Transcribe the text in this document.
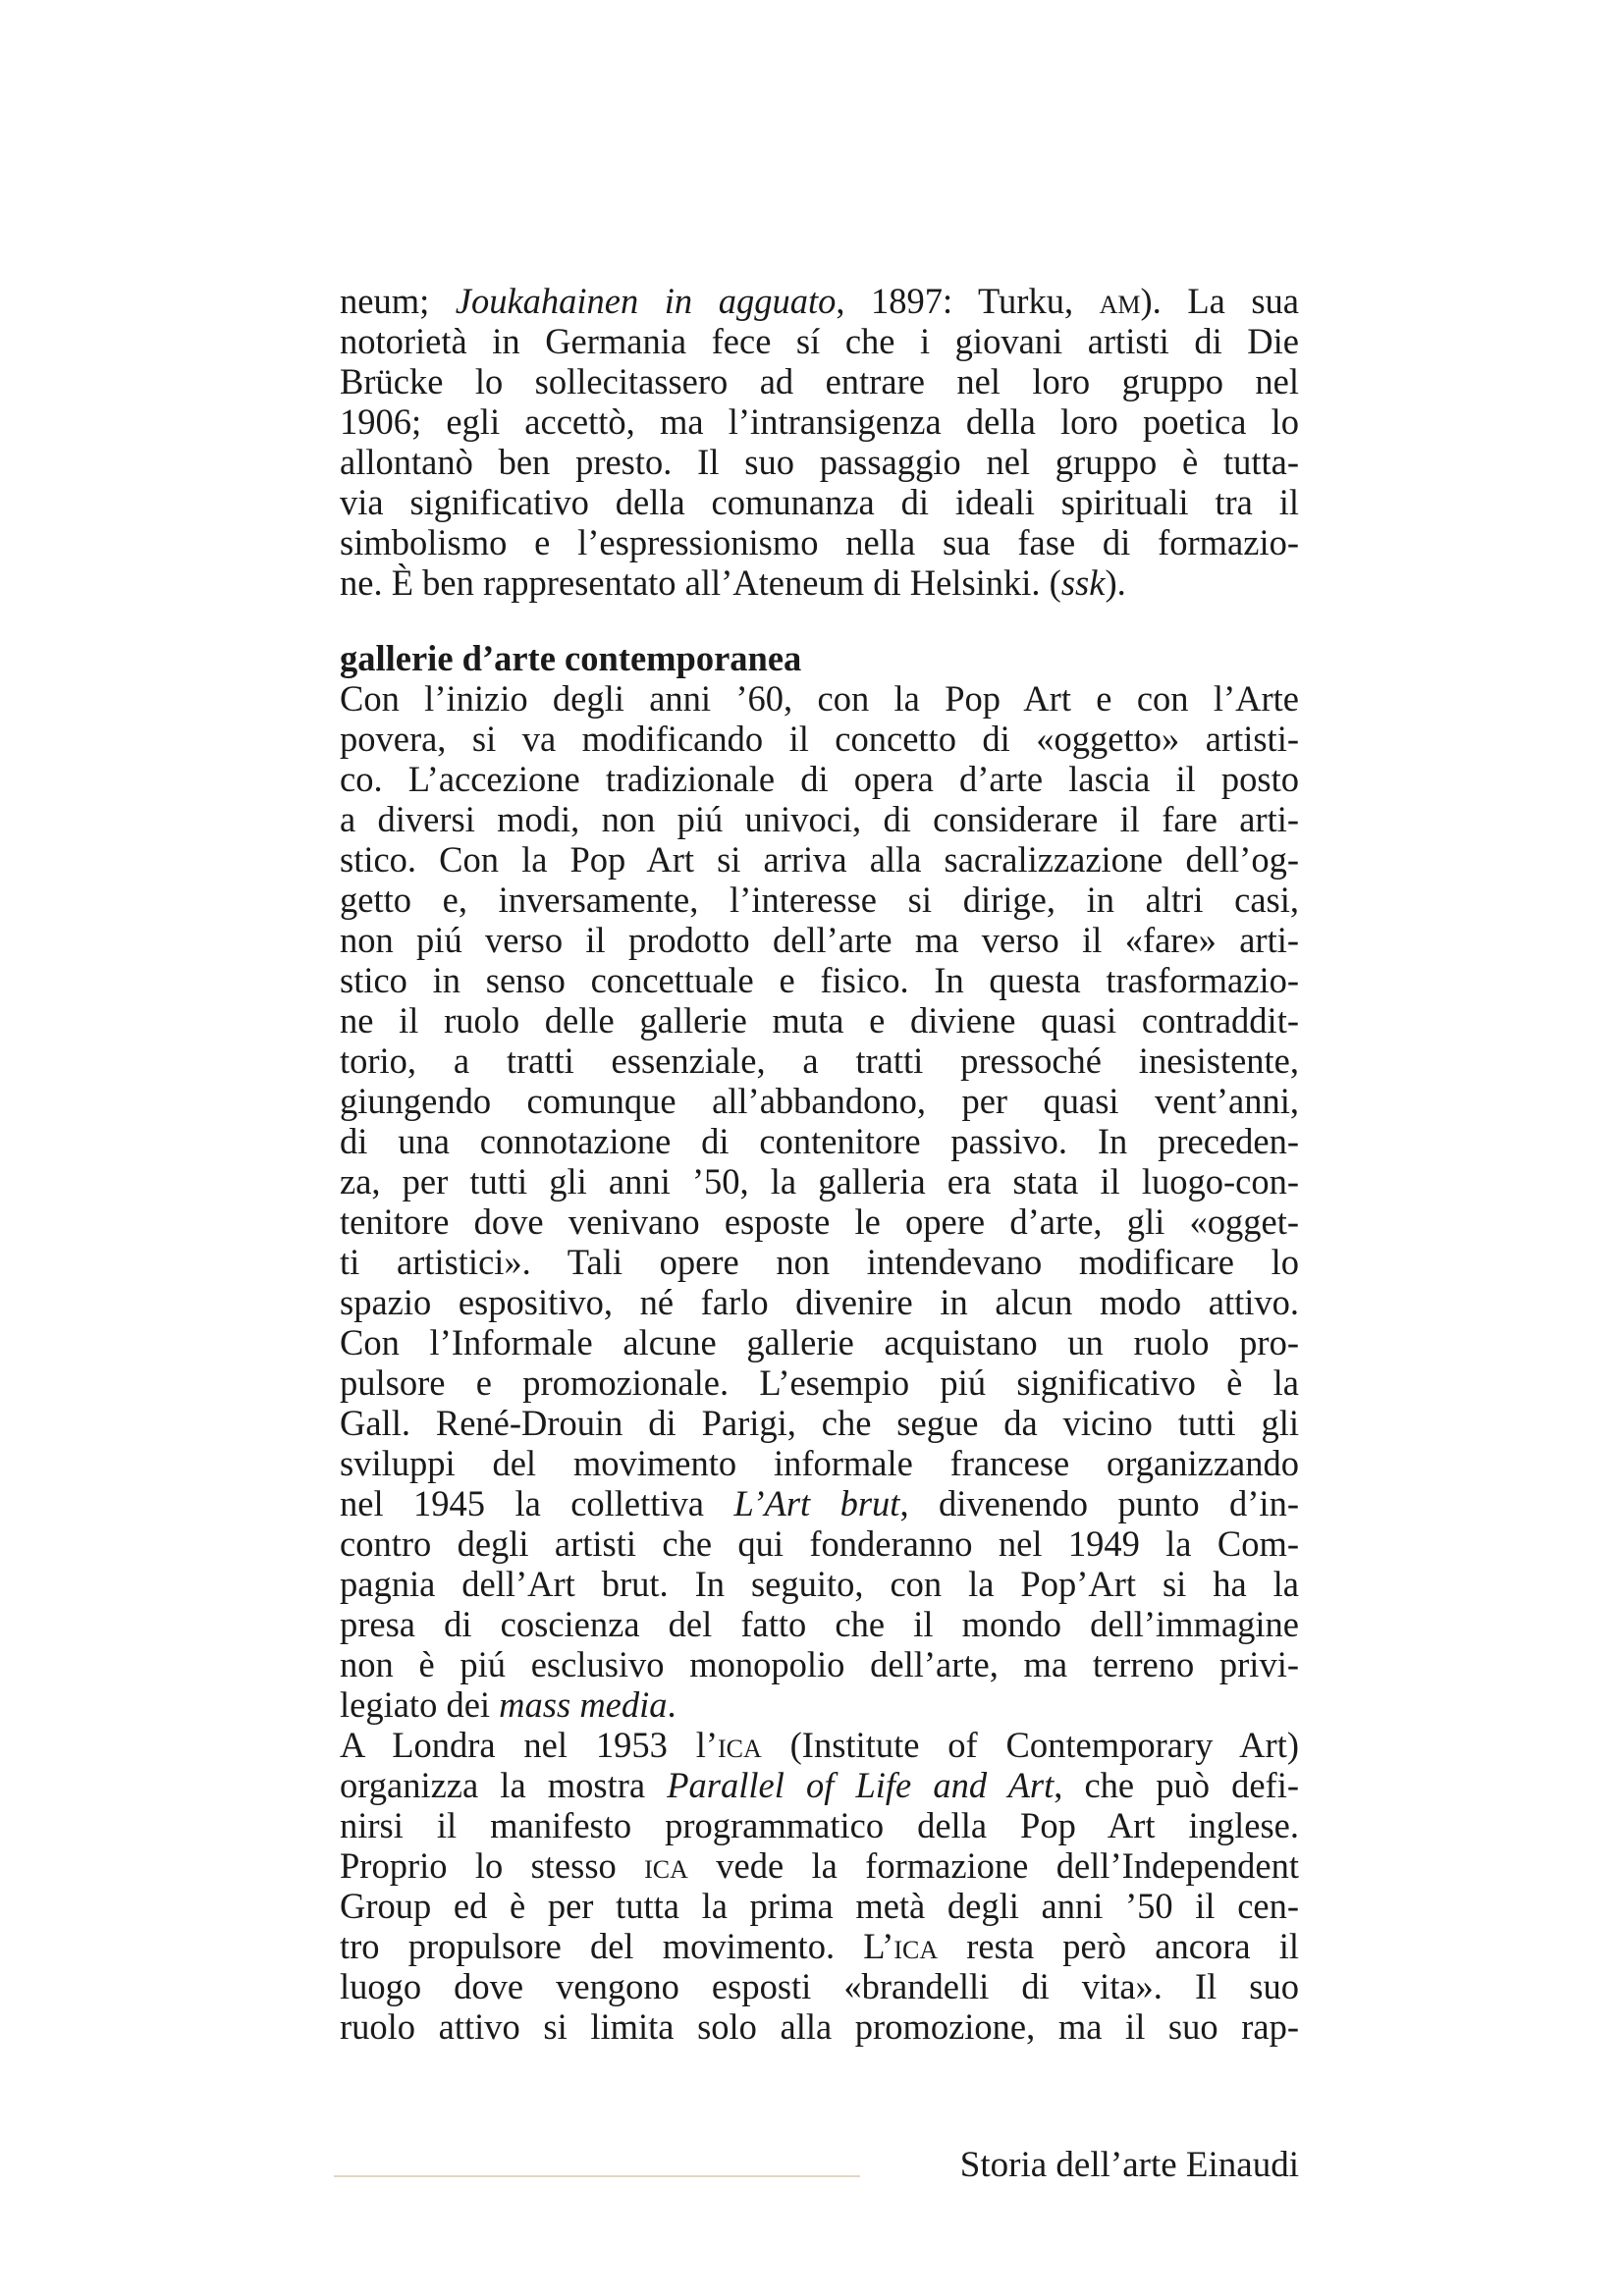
neum; Joukahainen in agguato, 1897: Turku, am). La sua
notorietà in Germania fece sí che i giovani artisti di Die
Brücke lo sollecitassero ad entrare nel loro gruppo nel
1906; egli accettò, ma l’intransigenza della loro poetica lo
allontanò ben presto. Il suo passaggio nel gruppo è tutta-
via significativo della comunanza di ideali spirituali tra il
simbolismo e l’espressionismo nella sua fase di formazio-
ne. È ben rappresentato all’Ateneum di Helsinki. (ssk).
gallerie d’arte contemporanea
Con l’inizio degli anni ’60, con la Pop Art e con l’Arte
povera, si va modificando il concetto di «oggetto» artisti-
co. L’accezione tradizionale di opera d’arte lascia il posto
a diversi modi, non piú univoci, di considerare il fare arti-
stico. Con la Pop Art si arriva alla sacralizzazione dell’og-
getto e, inversamente, l’interesse si dirige, in altri casi,
non piú verso il prodotto dell’arte ma verso il «fare» arti-
stico in senso concettuale e fisico. In questa trasformazio-
ne il ruolo delle gallerie muta e diviene quasi contraddit-
torio, a tratti essenziale, a tratti pressoché inesistente,
giungendo comunque all’abbandono, per quasi vent’anni,
di una connotazione di contenitore passivo. In preceden-
za, per tutti gli anni ’50, la galleria era stata il luogo-con-
tenitore dove venivano esposte le opere d’arte, gli «ogget-
ti artistici». Tali opere non intendevano modificare lo
spazio espositivo, né farlo divenire in alcun modo attivo.
Con l’Informale alcune gallerie acquistano un ruolo pro-
pulsore e promozionale. L’esempio piú significativo è la
Gall. René-Drouin di Parigi, che segue da vicino tutti gli
sviluppi del movimento informale francese organizzando
nel 1945 la collettiva L’Art brut, divenendo punto d’in-
contro degli artisti che qui fonderanno nel 1949 la Com-
pagnia dell’Art brut. In seguito, con la Pop’Art si ha la
presa di coscienza del fatto che il mondo dell’immagine
non è piú esclusivo monopolio dell’arte, ma terreno privi-
legiato dei mass media.
A Londra nel 1953 l’ica (Institute of Contemporary Art)
organizza la mostra Parallel of Life and Art, che può defi-
nirsi il manifesto programmatico della Pop Art inglese.
Proprio lo stesso ica vede la formazione dell’Independent
Group ed è per tutta la prima metà degli anni ’50 il cen-
tro propulsore del movimento. L’ica resta però ancora il
luogo dove vengono esposti «brandelli di vita». Il suo
ruolo attivo si limita solo alla promozione, ma il suo rap-
Storia dell’arte Einaudi
